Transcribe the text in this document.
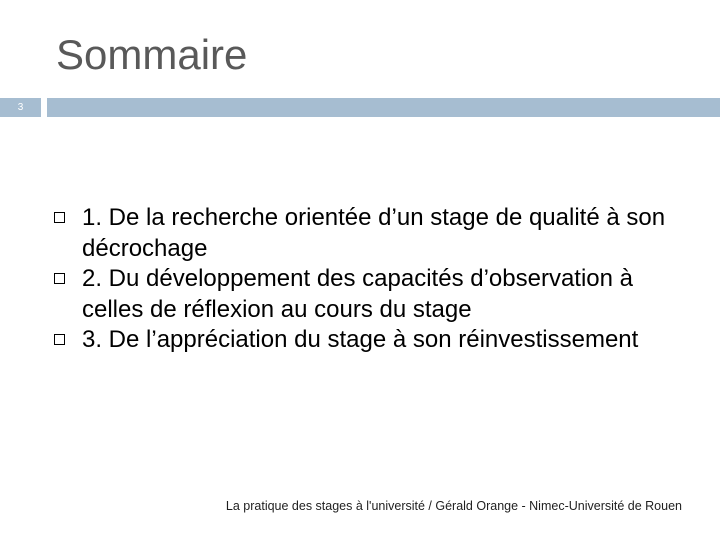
Sommaire
3
1. De la recherche orientée d’un stage de qualité à son décrochage
2. Du développement des capacités d’observation à celles de réflexion au cours du stage
3. De l’appréciation du stage à son réinvestissement
La pratique des stages à l'université / Gérald Orange - Nimec-Université de Rouen
